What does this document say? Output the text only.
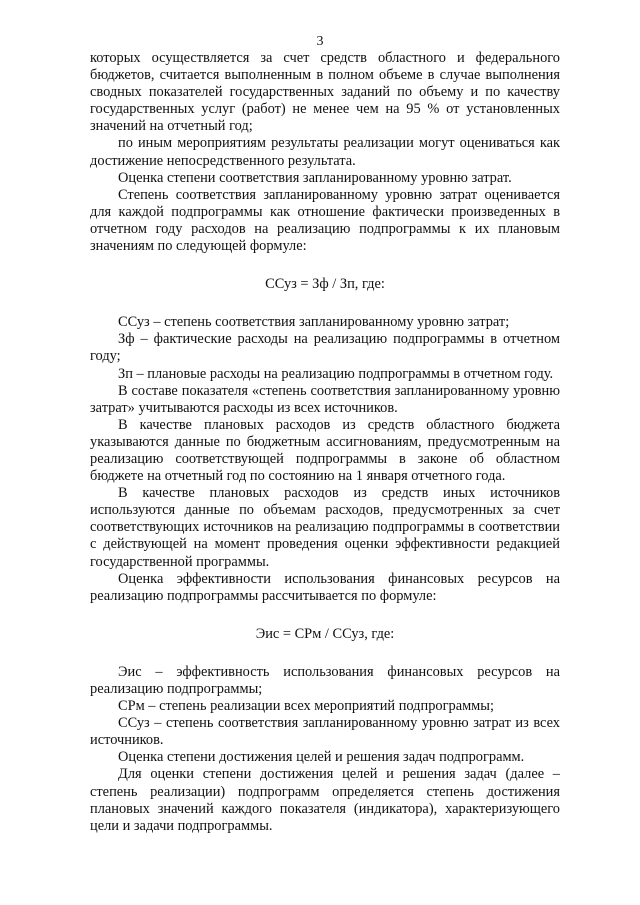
3

которых осуществляется за счет средств областного и федерального бюджетов, считается выполненным в полном объеме в случае выполнения сводных показателей государственных заданий по объему и по качеству государственных услуг (работ) не менее чем на 95 % от установленных значений на отчетный год;

по иным мероприятиям результаты реализации могут оцениваться как достижение непосредственного результата.

Оценка степени соответствия запланированному уровню затрат.

Степень соответствия запланированному уровню затрат оценивается для каждой подпрограммы как отношение фактически произведенных в отчетном году расходов на реализацию подпрограммы к их плановым значениям по следующей формуле:

ССуз = Зф / Зп, где:

ССуз – степень соответствия запланированному уровню затрат;

Зф – фактические расходы на реализацию подпрограммы в отчетном году;

Зп – плановые расходы на реализацию подпрограммы в отчетном году.

В составе показателя «степень соответствия запланированному уровню затрат» учитываются расходы из всех источников.

В качестве плановых расходов из средств областного бюджета указываются данные по бюджетным ассигнованиям, предусмотренным на реализацию соответствующей подпрограммы в законе об областном бюджете на отчетный год по состоянию на 1 января отчетного года.

В качестве плановых расходов из средств иных источников используются данные по объемам расходов, предусмотренных за счет соответствующих источников на реализацию подпрограммы в соответствии с действующей на момент проведения оценки эффективности редакцией государственной программы.

Оценка эффективности использования финансовых ресурсов на реализацию подпрограммы рассчитывается по формуле:

Эис = СРм / ССуз, где:

Эис – эффективность использования финансовых ресурсов на реализацию подпрограммы;

СРм – степень реализации всех мероприятий подпрограммы;

ССуз – степень соответствия запланированному уровню затрат из всех источников.

Оценка степени достижения целей и решения задач подпрограмм.

Для оценки степени достижения целей и решения задач (далее – степень реализации) подпрограмм определяется степень достижения плановых значений каждого показателя (индикатора), характеризующего цели и задачи подпрограммы.
